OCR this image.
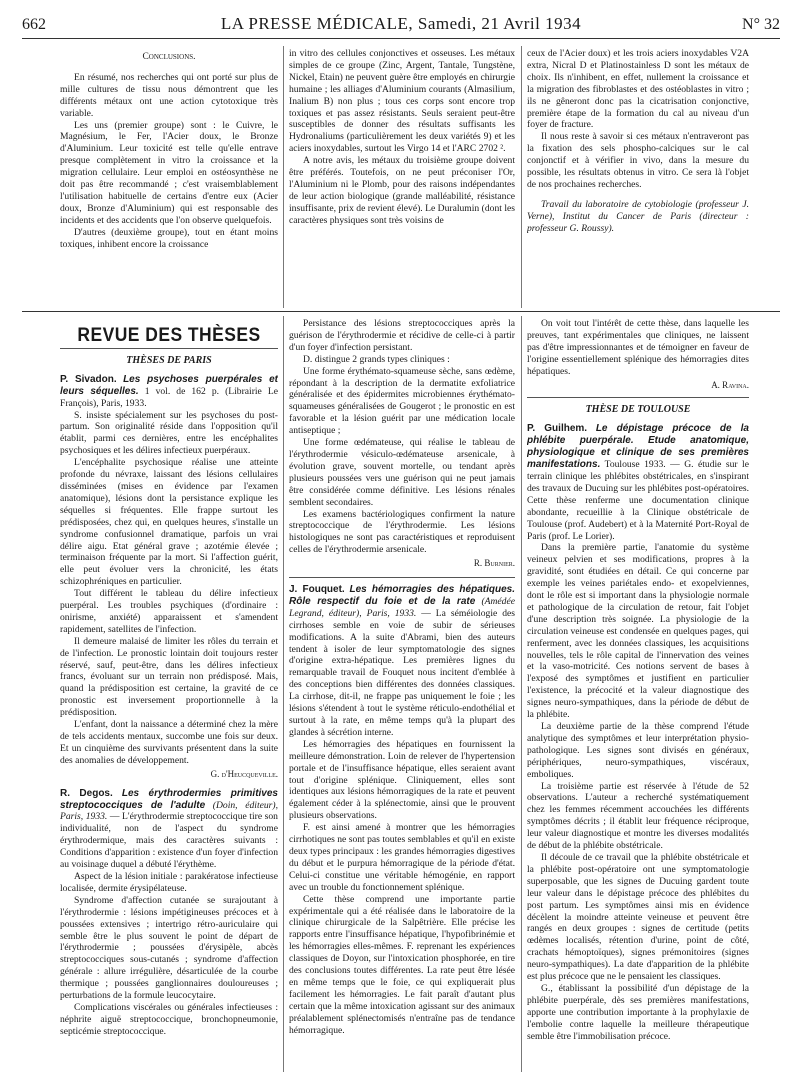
662	LA PRESSE MÉDICALE, Samedi, 21 Avril 1934	N° 32

Conclusions.

En résumé, nos recherches qui ont porté sur plus de mille cultures de tissu nous démontrent que les différents métaux ont une action cytotoxique très variable.

Les uns (premier groupe) sont : le Cuivre, le Magnésium, le Fer, l'Acier doux, le Bronze d'Aluminium. Leur toxicité est telle qu'elle entrave presque complètement in vitro la croissance et la migration cellulaire. Leur emploi en ostéosynthèse ne doit pas être recommandé ; c'est vraisemblablement l'utilisation habituelle de certains d'entre eux (Acier doux, Bronze d'Aluminium) qui est responsable des incidents et des accidents que l'on observe quelquefois.

D'autres (deuxième groupe), tout en étant moins toxiques, inhibent encore la croissance

in vitro des cellules conjonctives et osseuses. Les métaux simples de ce groupe (Zinc, Argent, Tantale, Tungstène, Nickel, Etain) ne peuvent guère être employés en chirurgie humaine ; les alliages d'Aluminium courants (Almasilium, Inalium B) non plus ; tous ces corps sont encore trop toxiques et pas assez résistants. Seuls seraient peut-être susceptibles de donner des résultats suffisants les Hydronaliums (particulièrement les deux variétés 9) et les aciers inoxydables, surtout les Virgo 14 et l'ARC 2702 ².

A notre avis, les métaux du troisième groupe doivent être préférés. Toutefois, on ne peut préconiser l'Or, l'Aluminium ni le Plomb, pour des raisons indépendantes de leur action biologique (grande malléabilité, résistance insuffisante, prix de revient élevé). Le Duralumin (dont les caractères physiques sont très voisins de

ceux de l'Acier doux) et les trois aciers inoxydables V2A extra, Nicral D et Platinostainless D sont les métaux de choix. Ils n'inhibent, en effet, nullement la croissance et la migration des fibroblastes et des ostéoblastes in vitro ; ils ne gêneront donc pas la cicatrisation conjonctive, première étape de la formation du cal au niveau d'un foyer de fracture.

Il nous reste à savoir si ces métaux n'entraveront pas la fixation des sels phospho-calciques sur le cal conjonctif et à vérifier in vivo, dans la mesure du possible, les résultats obtenus in vitro. Ce sera là l'objet de nos prochaines recherches.

Travail du laboratoire de cytobiologie (professeur J. Verne), Institut du Cancer de Paris (directeur : professeur G. Roussy).

REVUE DES THÈSES

THÈSES DE PARIS

P. Sivadon. Les psychoses puerpérales et leurs séquelles. 1 vol. de 162 p. (Librairie Le François), Paris, 1933.

S. insiste spécialement sur les psychoses du post-partum. Son originalité réside dans l'opposition qu'il établit, parmi ces dernières, entre les encéphalites psychosiques et les délires infectieux puerpéraux.

L'encéphalite psychosique réalise une atteinte profonde du névraxe, laissant des lésions cellulaires disséminées (mises en évidence par l'examen anatomique), lésions dont la persistance explique les séquelles si fréquentes. Elle frappe surtout les prédisposées, chez qui, en quelques heures, s'installe un syndrome confusionnel dramatique, parfois un vrai délire aigu. Etat général grave ; azotémie élevée ; terminaison fréquente par la mort. Si l'affection guérit, elle peut évoluer vers la chronicité, les états schizophréniques en particulier.

Tout différent le tableau du délire infectieux puerpéral. Les troubles psychiques (d'ordinaire : onirisme, anxiété) apparaissent et s'amendent rapidement, satellites de l'infection.

Il demeure malaisé de limiter les rôles du terrain et de l'infection. Le pronostic lointain doit toujours rester réservé, sauf, peut-être, dans les délires infectieux francs, évoluant sur un terrain non prédisposé. Mais, quand la prédisposition est certaine, la gravité de ce pronostic est inversement proportionnelle à la prédisposition.

L'enfant, dont la naissance a déterminé chez la mère de tels accidents mentaux, succombe une fois sur deux. Et un cinquième des survivants présentent dans la suite des anomalies de développement.

G. d'Heucqueville.

R. Degos. Les érythrodermies primitives streptococciques de l'adulte (Doin, éditeur), Paris, 1933. — L'érythrodermie streptococcique tire son individualité, non de l'aspect du syndrome érythrodermique, mais des caractères suivants : Conditions d'apparition : existence d'un foyer d'infection au voisinage duquel a débuté l'érythème.

Aspect de la lésion initiale : parakératose infectieuse localisée, dermite érysipélateuse.

Syndrome d'affection cutanée se surajoutant à l'érythrodermie : lésions impétigineuses précoces et à poussées extensives ; intertrigo rétro-auriculaire qui semble être le plus souvent le point de départ de l'érythrodermie ; poussées d'érysipèle, abcès streptococciques sous-cutanés ; syndrome d'affection générale : allure irrégulière, désarticulée de la courbe thermique ; poussées ganglionnaires douloureuses ; perturbations de la formule leucocytaire.

Complications viscérales ou générales infectieuses : néphrite aiguë streptococcique, bronchopneumonie, septicémie streptococcique.

Persistance des lésions streptococciques après la guérison de l'érythrodermie et récidive de celle-ci à partir d'un foyer d'infection persistant.

D. distingue 2 grands types cliniques :

Une forme érythémato-squameuse sèche, sans œdème, répondant à la description de la dermatite exfoliatrice généralisée et des épidermites microbiennes érythémato-squameuses généralisées de Gougerot ; le pronostic en est favorable et la lésion guérit par une médication locale antiseptique ;

Une forme œdémateuse, qui réalise le tableau de l'érythrodermie vésiculo-œdémateuse arsenicale, à évolution grave, souvent mortelle, ou tendant après plusieurs poussées vers une guérison qui ne peut jamais être considérée comme définitive. Les lésions rénales semblent secondaires.

Les examens bactériologiques confirment la nature streptococcique de l'érythrodermie. Les lésions histologiques ne sont pas caractéristiques et reproduisent celles de l'érythrodermie arsenicale.

R. Burnier.

J. Fouquet. Les hémorragies des hépatiques. Rôle respectif du foie et de la rate (Amédée Legrand, éditeur), Paris, 1933. — La séméiologie des cirrhoses semble en voie de subir de sérieuses modifications. A la suite d'Abrami, bien des auteurs tendent à isoler de leur symptomatologie des signes d'origine extra-hépatique. Les premières lignes du remarquable travail de Fouquet nous incitent d'emblée à des conceptions bien différentes des données classiques. La cirrhose, dit-il, ne frappe pas uniquement le foie ; les lésions s'étendent à tout le système réticulo-endothélial et surtout à la rate, en même temps qu'à la plupart des glandes à sécrétion interne.

Les hémorragies des hépatiques en fournissent la meilleure démonstration. Loin de relever de l'hypertension portale et de l'insuffisance hépatique, elles seraient avant tout d'origine splénique. Cliniquement, elles sont identiques aux lésions hémorragiques de la rate et peuvent également céder à la splénectomie, ainsi que le prouvent plusieurs observations.

F. est ainsi amené à montrer que les hémorragies cirrhotiques ne sont pas toutes semblables et qu'il en existe deux types principaux : les grandes hémorragies digestives du début et le purpura hémorragique de la période d'état. Celui-ci constitue une véritable hémogénie, en rapport avec un trouble du fonctionnement splénique.

Cette thèse comprend une importante partie expérimentale qui a été réalisée dans le laboratoire de la clinique chirurgicale de la Salpêtrière. Elle précise les rapports entre l'insuffisance hépatique, l'hypofibrinémie et les hémorragies elles-mêmes. F. reprenant les expériences classiques de Doyon, sur l'intoxication phosphorée, en tire des conclusions toutes différentes. La rate peut être lésée en même temps que le foie, ce qui expliquerait plus facilement les hémorragies. Le fait paraît d'autant plus certain que la même intoxication agissant sur des animaux préalablement splénectomisés n'entraîne pas de tendance hémorragique.

On voit tout l'intérêt de cette thèse, dans laquelle les preuves, tant expérimentales que cliniques, ne laissent pas d'être impressionnantes et de témoigner en faveur de l'origine essentiellement splénique des hémorragies dites hépatiques.

A. Ravina.

THÈSE DE TOULOUSE

P. Guilhem. Le dépistage précoce de la phlébite puerpérale. Etude anatomique, physiologique et clinique de ses premières manifestations. Toulouse 1933. — G. étudie sur le terrain clinique les phlébites obstétricales, en s'inspirant des travaux de Ducuing sur les phlébites post-opératoires. Cette thèse renferme une documentation clinique abondante, recueillie à la Clinique obstétricale de Toulouse (prof. Audebert) et à la Maternité Port-Royal de Paris (prof. Le Lorier).

Dans la première partie, l'anatomie du système veineux pelvien et ses modifications, propres à la gravidité, sont étudiées en détail. Ce qui concerne par exemple les veines pariétales endo- et exopelviennes, dont le rôle est si important dans la physiologie normale et pathologique de la circulation de retour, fait l'objet d'une description très soignée. La physiologie de la circulation veineuse est condensée en quelques pages, qui renferment, avec les données classiques, les acquisitions nouvelles, tels le rôle capital de l'innervation des veines et la vaso-motricité. Ces notions servent de bases à l'exposé des symptômes et justifient en particulier l'existence, la précocité et la valeur diagnostique des signes neuro-sympathiques, dans la période de début de la phlébite.

La deuxième partie de la thèse comprend l'étude analytique des symptômes et leur interprétation physio-pathologique. Les signes sont divisés en généraux, périphériques, neuro-sympathiques, viscéraux, emboliques.

La troisième partie est réservée à l'étude de 52 observations. L'auteur a recherché systématiquement chez les femmes récemment accouchées les différents symptômes décrits ; il établit leur fréquence réciproque, leur valeur diagnostique et montre les diverses modalités de début de la phlébite obstétricale.

Il découle de ce travail que la phlébite obstétricale et la phlébite post-opératoire ont une symptomatologie superposable, que les signes de Ducuing gardent toute leur valeur dans le dépistage précoce des phlébites du post partum. Les symptômes ainsi mis en évidence décèlent la moindre atteinte veineuse et peuvent être rangés en deux groupes : signes de certitude (petits œdèmes localisés, rétention d'urine, point de côté, crachats hémoptoïques), signes prémonitoires (signes neuro-sympathiques). La date d'apparition de la phlébite est plus précoce que ne le pensaient les classiques.

G., établissant la possibilité d'un dépistage de la phlébite puerpérale, dès ses premières manifestations, apporte une contribution importante à la prophylaxie de l'embolie contre laquelle la meilleure thérapeutique semble être l'immobilisation précoce.
